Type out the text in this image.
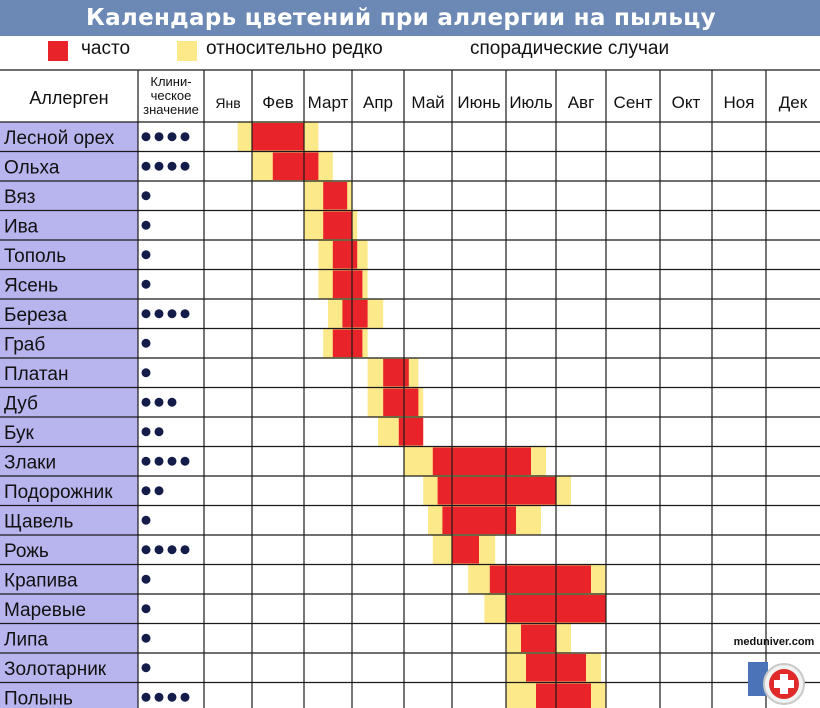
Календарь цветений при аллергии на пыльцу
часто	относительно редко	спорадические случаи
Аллерген
Клини-
ческое
значение Янв Фев Март Апр Май Июнь Июль Авг Сент Окт Ноя Дек
Лесной орех
Ольха
Вяз
Ива
Тополь
Ясень
Береза
Граб
Платан
Дуб
Бук
Злаки
Подорожник
Щавель
Рожь
Крапива
Маревые
Липа
Золотарник
Полынь
meduniver.com
